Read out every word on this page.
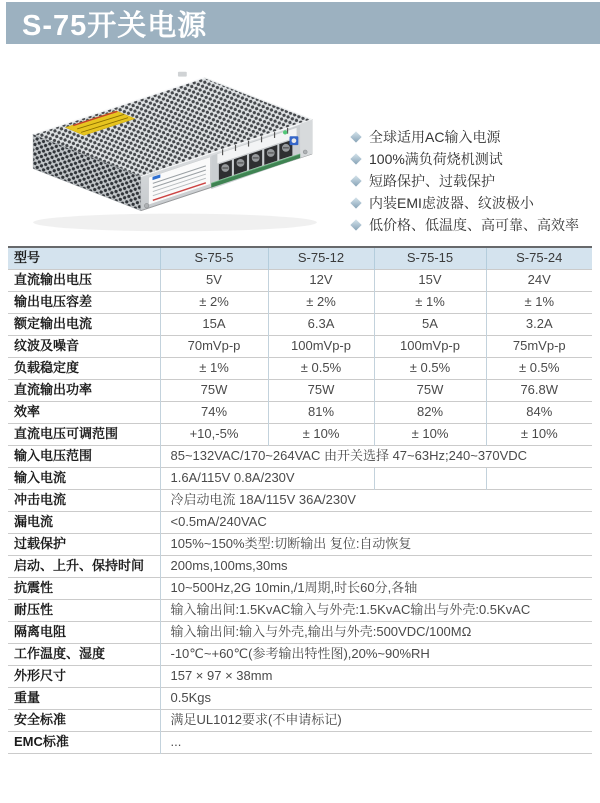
S-75开关电源
全球适用AC输入电源
100%满负荷烧机测试
短路保护、过载保护
内装EMI虑波器、纹波极小
低价格、低温度、高可靠、高效率
型号	S-75-5	S-75-12	S-75-15	S-75-24
直流输出电压	5V	12V	15V	24V
输出电压容差	± 2%	± 2%	± 1%	± 1%
额定输出电流	15A	6.3A	5A	3.2A
纹波及噪音	70mVp-p	100mVp-p	100mVp-p	75mVp-p
负载稳定度	± 1%	± 0.5%	± 0.5%	± 0.5%
直流输出功率	75W	75W	75W	76.8W
效率	74%	81%	82%	84%
直流电压可调范围	+10,-5%	± 10%	± 10%	± 10%
输入电压范围	85~132VAC/170~264VAC 由开关选择 47~63Hz;240~370VDC			
输入电流	1.6A/115V 0.8A/230V			
冲击电流	冷启动电流 18A/115V 36A/230V			
漏电流	<0.5mA/240VAC			
过载保护	105%~150%类型:切断输出 复位:自动恢复			
启动、上升、保持时间	200ms,100ms,30ms			
抗震性	10~500Hz,2G 10min,/1周期,时长60分,各轴			
耐压性	输入输出间:1.5KvAC输入与外壳:1.5KvAC输出与外壳:0.5KvAC			
隔离电阻	输入输出间:输入与外壳,输出与外壳:500VDC/100MΩ			
工作温度、湿度	-10℃~+60℃(参考输出特性图),20%~90%RH			
外形尺寸	157 × 97 × 38mm			
重量	0.5Kgs			
安全标准	满足UL1012要求(不申请标记)			
EMC标准	...			
